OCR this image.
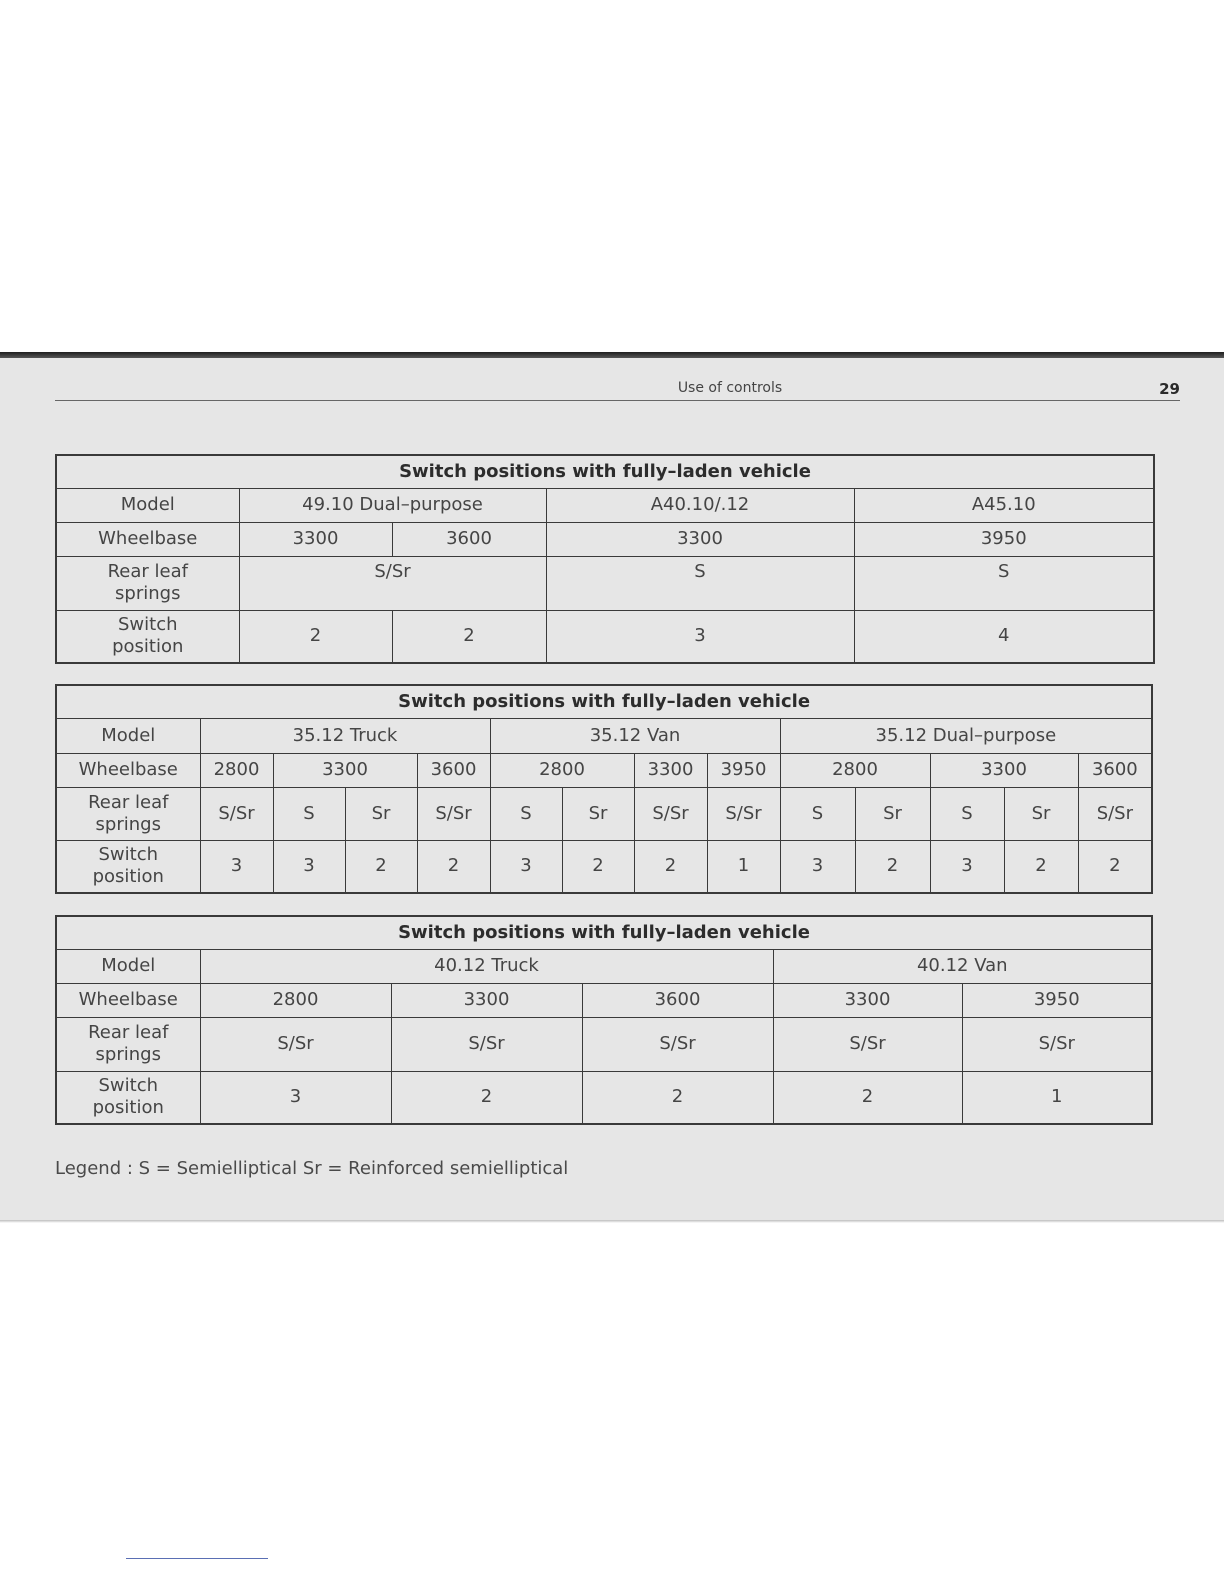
Use of controls	29
Switch positions with fully–laden vehicle				
Model	49.10 Dual–purpose		A40.10/.12	A45.10
Wheelbase	3300	3600	3300	3950
Rear leaf springs	S/Sr		S	S
Switch position	2	2	3	4
Switch positions with fully–laden vehicle													
Model	35.12 Truck				35.12 Van				35.12 Dual–purpose				
Wheelbase	2800	3300		3600	2800		3300	3950	2800		3300		3600
Rear leaf springs	S/Sr	S	Sr	S/Sr	S	Sr	S/Sr	S/Sr	S	Sr	S	Sr	S/Sr
Switch position	3	3	2	2	3	2	2	1	3	2	3	2	2
Switch positions with fully–laden vehicle					
Model	40.12 Truck			40.12 Van	
Wheelbase	2800	3300	3600	3300	3950
Rear leaf springs	S/Sr	S/Sr	S/Sr	S/Sr	S/Sr
Switch position	3	2	2	2	1
Legend : S = Semielliptical Sr = Reinforced semielliptical
